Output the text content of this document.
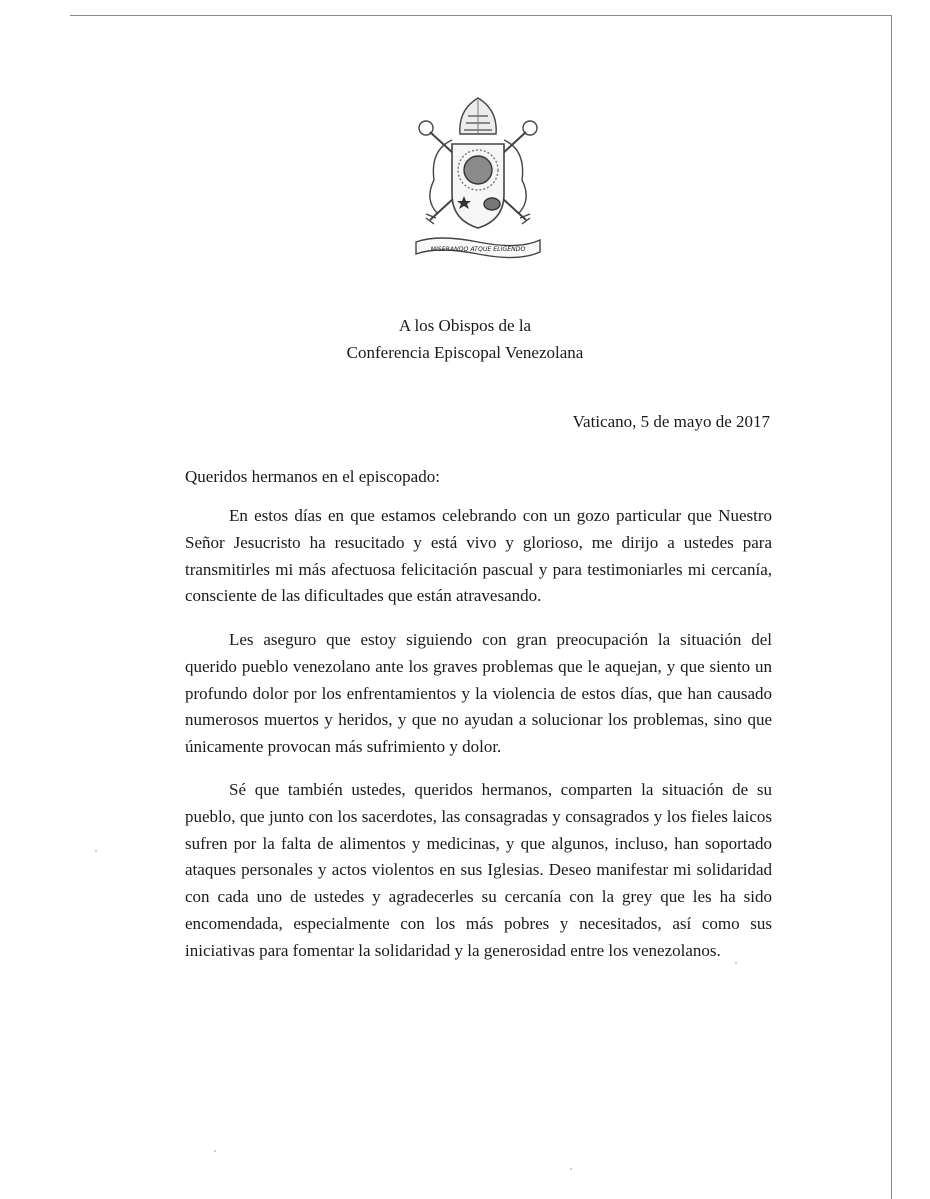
MISERANDO ATQUE ELIGENDO
A los Obispos de la
Conferencia Episcopal Venezolana
Vaticano, 5 de mayo de 2017
Queridos hermanos en el episcopado:

En estos días en que estamos celebrando con un gozo particular que Nuestro Señor Jesucristo ha resucitado y está vivo y glorioso, me dirijo a ustedes para transmitirles mi más afectuosa felicitación pascual y para testimoniarles mi cercanía, consciente de las dificultades que están atravesando.

Les aseguro que estoy siguiendo con gran preocupación la situación del querido pueblo venezolano ante los graves problemas que le aquejan, y que siento un profundo dolor por los enfrentamientos y la violencia de estos días, que han causado numerosos muertos y heridos, y que no ayudan a solucionar los problemas, sino que únicamente provocan más sufrimiento y dolor.

Sé que también ustedes, queridos hermanos, comparten la situación de su pueblo, que junto con los sacerdotes, las consagradas y consagrados y los fieles laicos sufren por la falta de alimentos y medicinas, y que algunos, incluso, han soportado ataques personales y actos violentos en sus Iglesias. Deseo manifestar mi solidaridad con cada uno de ustedes y agradecerles su cercanía con la grey que les ha sido encomendada, especialmente con los más pobres y necesitados, así como sus iniciativas para fomentar la solidaridad y la generosidad entre los venezolanos.
